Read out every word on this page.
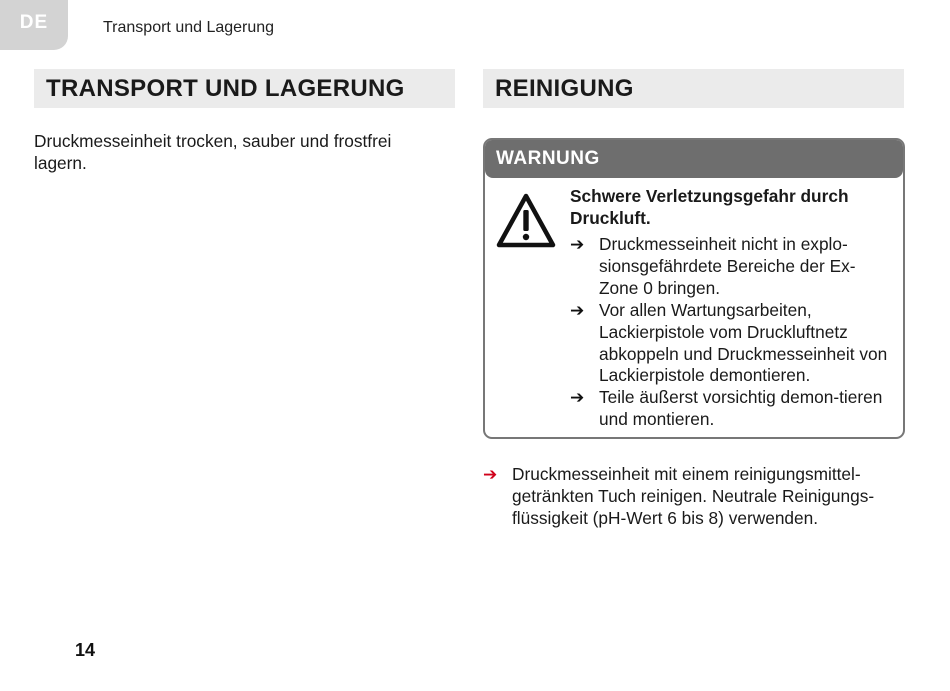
DE	Transport und Lagerung
TRANSPORT UND LAGERUNG
Druckmesseinheit trocken, sauber und frostfrei lagern.
REINIGUNG
WARNUNG
Schwere Verletzungsgefahr durch Druckluft.
➔ Druckmesseinheit nicht in explo-sionsgefährdete Bereiche der Ex-Zone 0 bringen.
➔ Vor allen Wartungsarbeiten, Lackierpistole vom Druckluftnetz abkoppeln und Druckmesseinheit von Lackierpistole demontieren.
➔ Teile äußerst vorsichtig demon-tieren und montieren.
➔ Druckmesseinheit mit einem reinigungsmittel-getränkten Tuch reinigen. Neutrale Reinigungs-flüssigkeit (pH-Wert 6 bis 8) verwenden.
14
